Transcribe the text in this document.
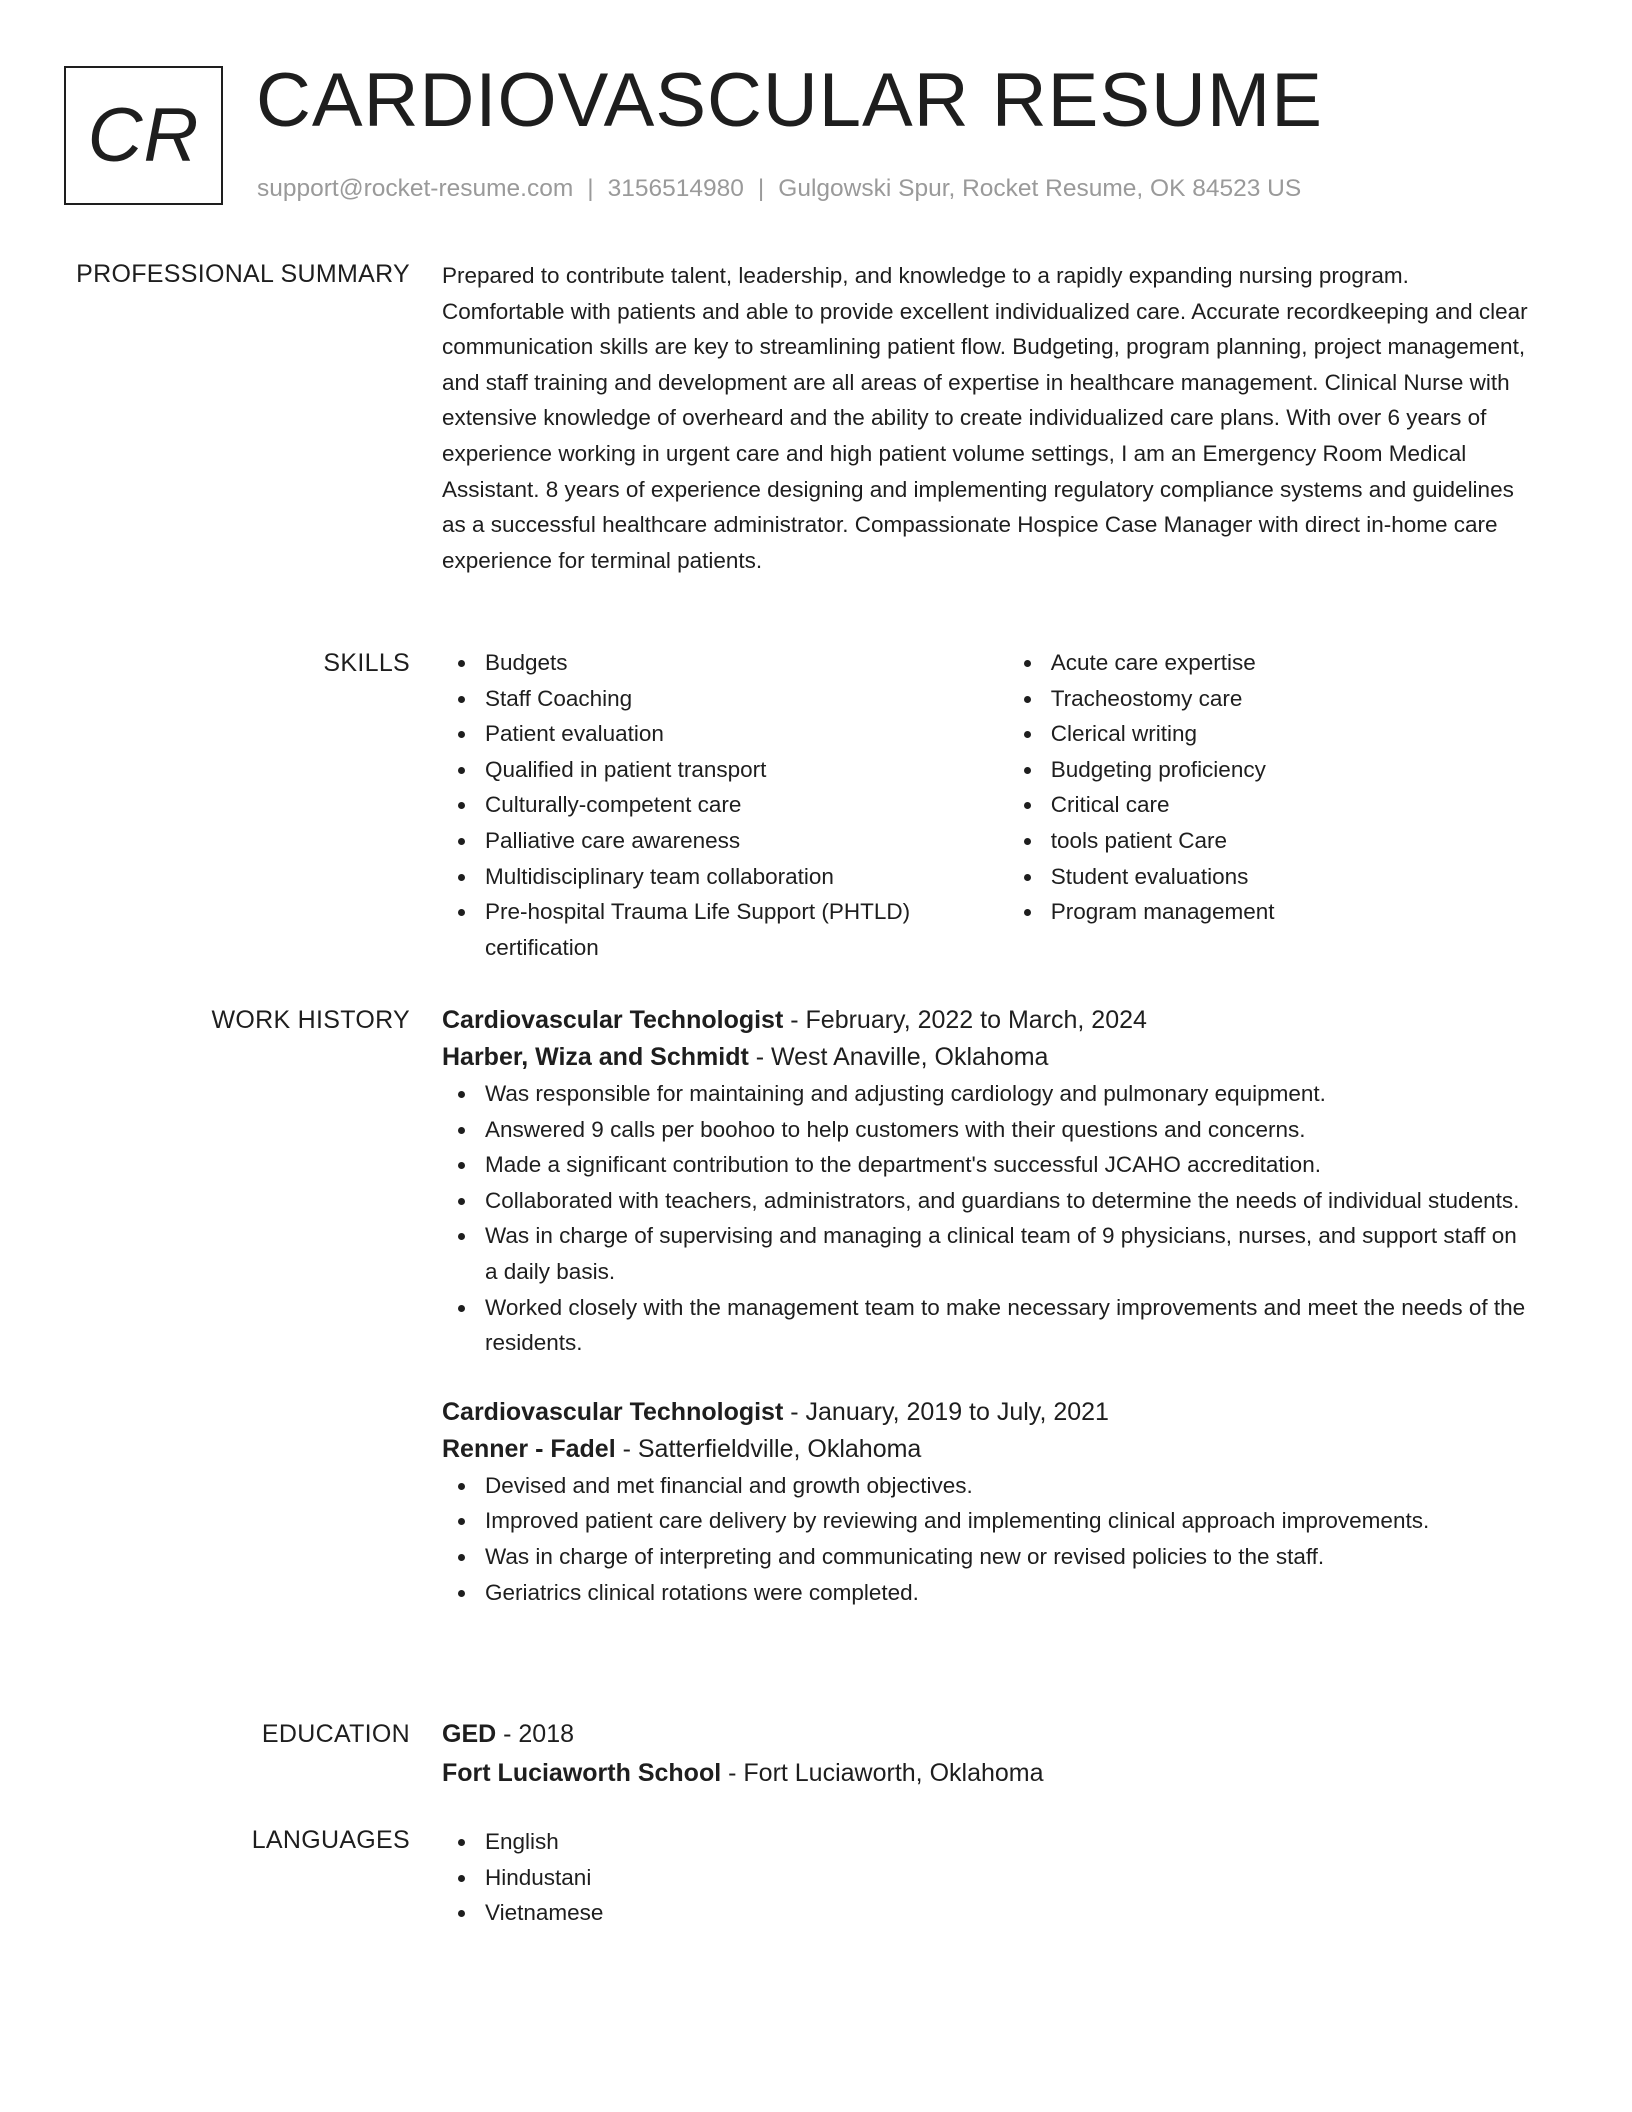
CR CARDIOVASCULAR RESUME
support@rocket-resume.com | 3156514980 | Gulgowski Spur, Rocket Resume, OK 84523 US
PROFESSIONAL SUMMARY Prepared to contribute talent, leadership, and knowledge to a rapidly expanding nursing program. Comfortable with patients and able to provide excellent individualized care. Accurate recordkeeping and clear communication skills are key to streamlining patient flow. Budgeting, program planning, project management, and staff training and development are all areas of expertise in healthcare management. Clinical Nurse with extensive knowledge of overheard and the ability to create individualized care plans. With over 6 years of experience working in urgent care and high patient volume settings, I am an Emergency Room Medical Assistant. 8 years of experience designing and implementing regulatory compliance systems and guidelines as a successful healthcare administrator. Compassionate Hospice Case Manager with direct in-home care experience for terminal patients.

SKILLS	Budgets
Staff Coaching
Patient evaluation
Qualified in patient transport
Culturally-competent care
Palliative care awareness
Multidisciplinary team collaboration
Pre-hospital Trauma Life Support (PHTLD) certification
Acute care expertise
Tracheostomy care
Clerical writing
Budgeting proficiency
Critical care
tools patient Care
Student evaluations
Program management
WORK HISTORY Cardiovascular Technologist - February, 2022 to March, 2024
Harber, Wiza and Schmidt - West Anaville, Oklahoma
Was responsible for maintaining and adjusting cardiology and pulmonary equipment.
Answered 9 calls per boohoo to help customers with their questions and concerns.
Made a significant contribution to the department's successful JCAHO accreditation.
Collaborated with teachers, administrators, and guardians to determine the needs of individual students.
Was in charge of supervising and managing a clinical team of 9 physicians, nurses, and support staff on a daily basis.
Worked closely with the management team to make necessary improvements and meet the needs of the residents.
Cardiovascular Technologist - January, 2019 to July, 2021
Renner - Fadel - Satterfieldville, Oklahoma
Devised and met financial and growth objectives.
Improved patient care delivery by reviewing and implementing clinical approach improvements.
Was in charge of interpreting and communicating new or revised policies to the staff.
Geriatrics clinical rotations were completed.
EDUCATION GED - 2018
Fort Luciaworth School - Fort Luciaworth, Oklahoma
LANGUAGES	English
Hindustani
Vietnamese
